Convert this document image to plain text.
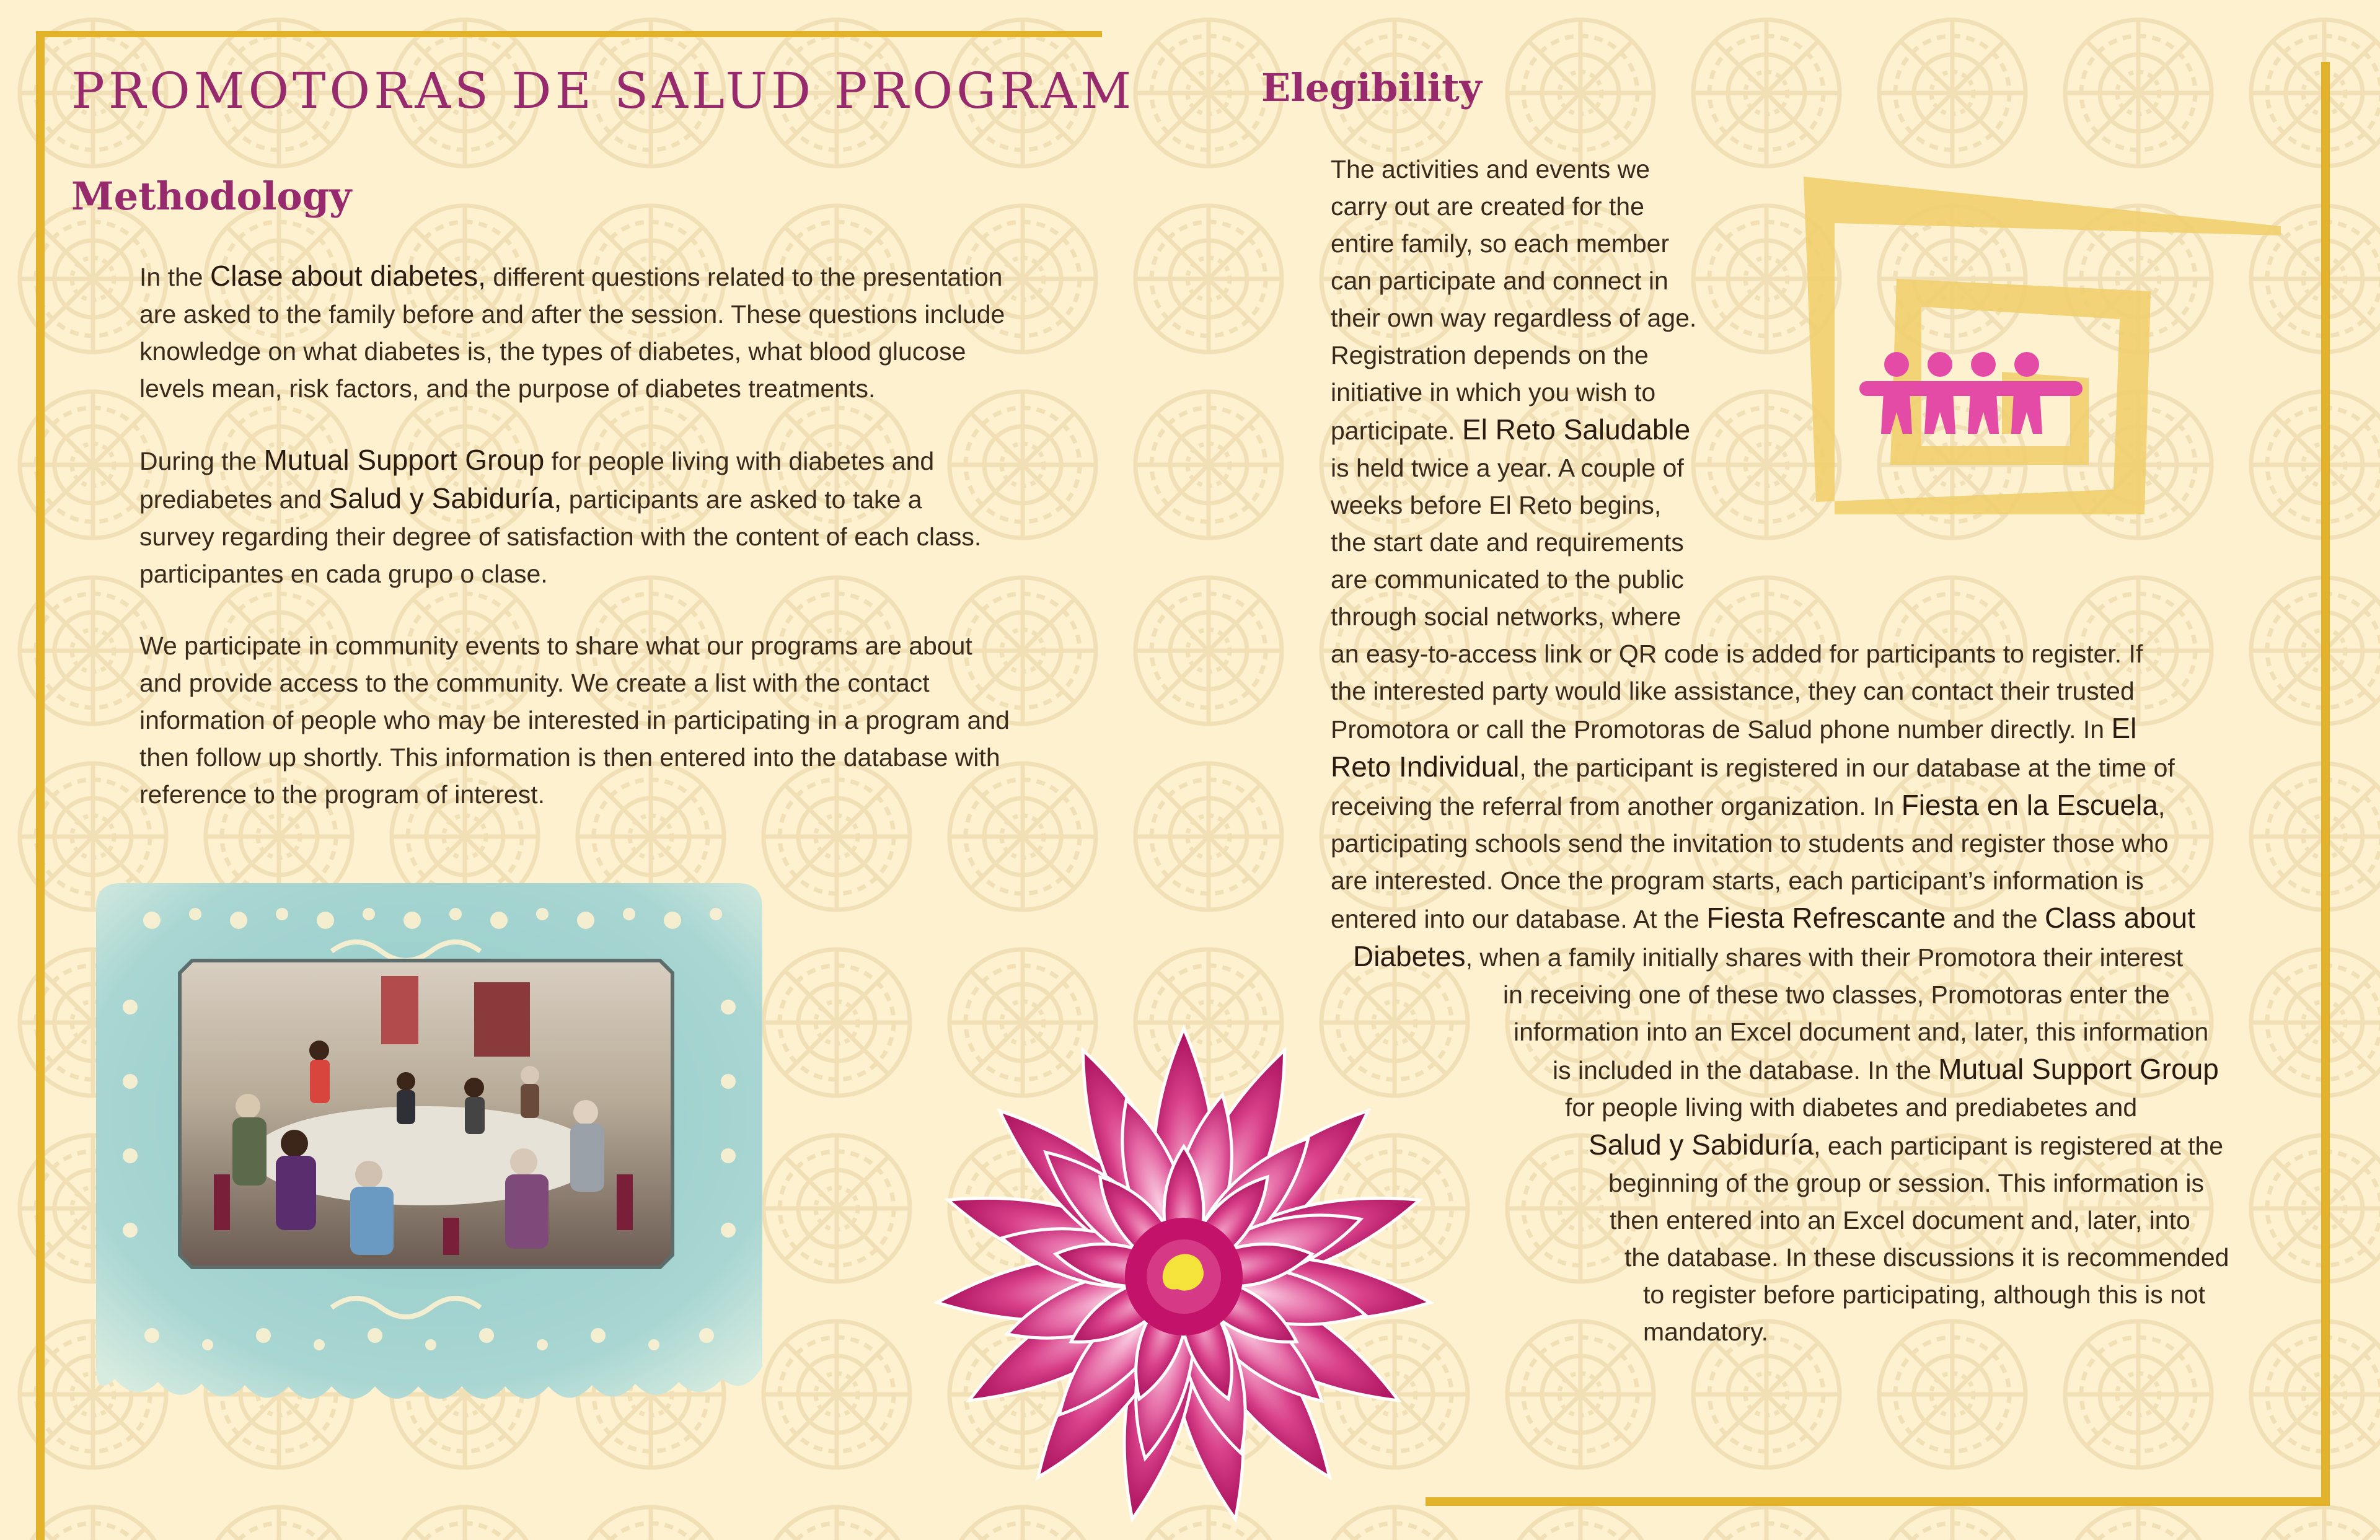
PROMOTORAS DE SALUD PROGRAM
Methodology
In the Clase about diabetes, different questions related to the presentation
are asked to the family before and after the session. These questions include
knowledge on what diabetes is, the types of diabetes, what blood glucose
levels mean, risk factors, and the purpose of diabetes treatments.
During the Mutual Support Group for people living with diabetes and
prediabetes and Salud y Sabiduría, participants are asked to take a
survey regarding their degree of satisfaction with the content of each class.
participantes en cada grupo o clase.
We participate in community events to share what our programs are about
and provide access to the community. We create a list with the contact
information of people who may be interested in participating in a program and
then follow up shortly. This information is then entered into the database with
reference to the program of interest.
Elegibility
The activities and events we
carry out are created for the
entire family, so each member
can participate and connect in
their own way regardless of age.
Registration depends on the
initiative in which you wish to
participate. El Reto Saludable
is held twice a year. A couple of
weeks before El Reto begins,
the start date and requirements
are communicated to the public
through social networks, where
an easy-to-access link or QR code is added for participants to register. If
the interested party would like assistance, they can contact their trusted
Promotora or call the Promotoras de Salud phone number directly. In El
Reto Individual, the participant is registered in our database at the time of
receiving the referral from another organization. In Fiesta en la Escuela,
participating schools send the invitation to students and register those who
are interested. Once the program starts, each participant’s information is
entered into our database. At the Fiesta Refrescante and the Class about
Diabetes, when a family initially shares with their Promotora their interest
in receiving one of these two classes, Promotoras enter the
information into an Excel document and, later, this information
is included in the database. In the Mutual Support Group
for people living with diabetes and prediabetes and
Salud y Sabiduría, each participant is registered at the
beginning of the group or session. This information is
then entered into an Excel document and, later, into
the database. In these discussions it is recommended
to register before participating, although this is not
mandatory.
